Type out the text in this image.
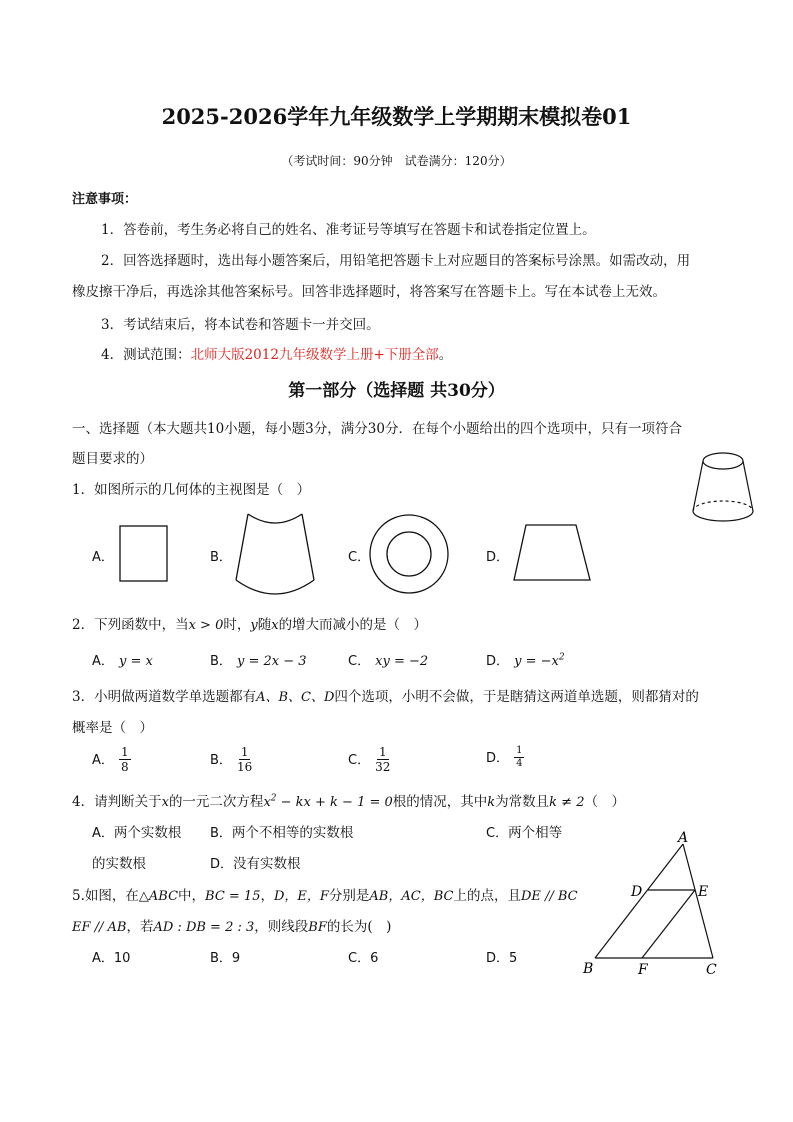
2025-2026学年九年级数学上学期期末模拟卷01
（考试时间：90分钟　试卷满分：120分）
注意事项：
1．答卷前，考生务必将自己的姓名、准考证号等填写在答题卡和试卷指定位置上。
2．回答选择题时，选出每小题答案后，用铅笔把答题卡上对应题目的答案标号涂黑。如需改动，用
橡皮擦干净后，再选涂其他答案标号。回答非选择题时，将答案写在答题卡上。写在本试卷上无效。
3．考试结束后，将本试卷和答题卡一并交回。
4．测试范围：北师大版2012九年级数学上册+下册全部。
第一部分（选择题 共30分）
一、选择题（本大题共10小题，每小题3分，满分30分．在每个小题给出的四个选项中，只有一项符合
题目要求的）
1．如图所示的几何体的主视图是（　）
A．	B．	C．	D．
2．下列函数中，当x > 0时，y随x的增大而减小的是（　）
A． y = x	B． y = 2x − 3	C． xy = −2	D． $y = -x^2$
3．小明做两道数学单选题都有A、B、C、D四个选项，小明不会做，于是瞎猜这两道单选题，则都猜对的
概率是（　）
A． $\frac{1}{8}$	B． $\frac{1}{16}$	C． $\frac{1}{32}$	D． $\frac{1}{4}$
4．请判断关于x的一元二次方程$x^2$ − kx + k − 1 = 0根的情况，其中k为常数且k ≠ 2（　）
A．两个实数根 B．两个不相等的实数根	C．两个相等
的实数根	D．没有实数根
5.如图，在△ABC中，BC = 15，D，E，F分别是AB，AC，BC上的点，且DE // BC
EF // AB，若AD : DB = 2 : 3，则线段BF的长为(　)
A．10	B．9	C．6	D．5
A
D	E
B	F	C
